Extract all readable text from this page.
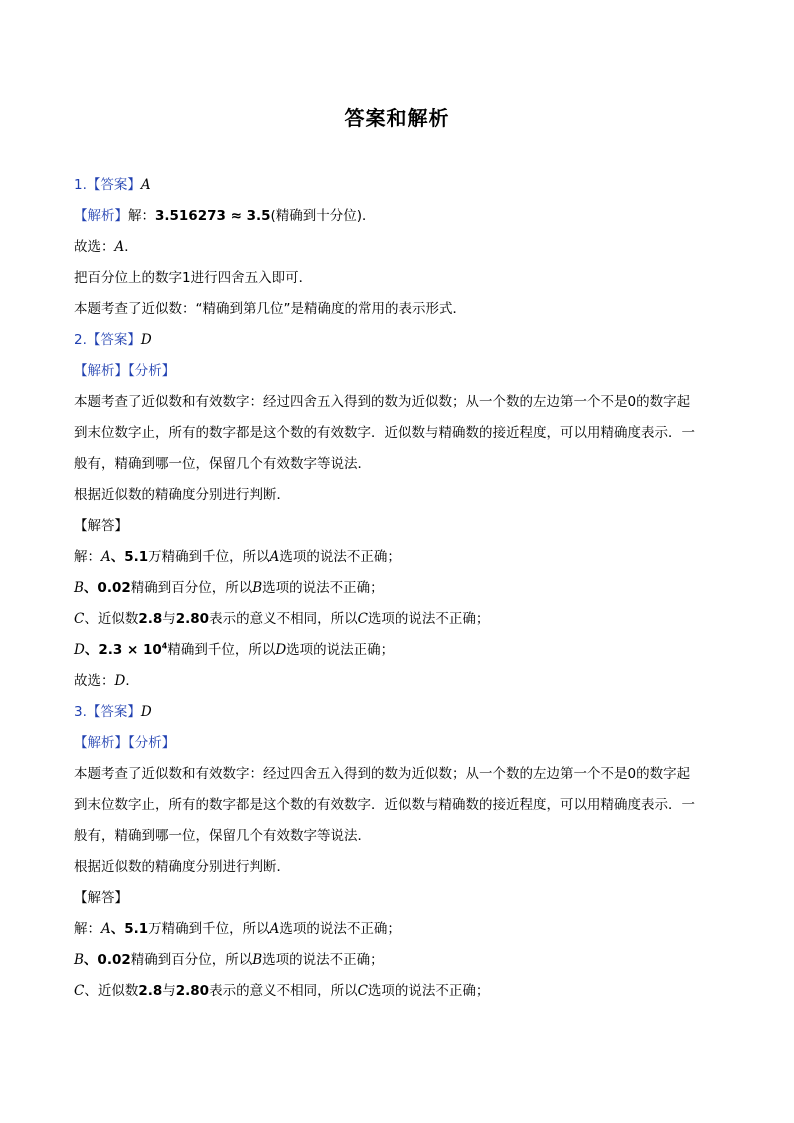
答案和解析
1.【答案】A
【解析】解：3.516273 ≈ 3.5(精确到十分位)．
故选：A．
把百分位上的数字1进行四舍五入即可．
本题考查了近似数：“精确到第几位”是精确度的常用的表示形式．
2.【答案】D
【解析】【分析】
本题考查了近似数和有效数字：经过四舍五入得到的数为近似数；从一个数的左边第一个不是0的数字起
到末位数字止，所有的数字都是这个数的有效数字．近似数与精确数的接近程度，可以用精确度表示．一
般有，精确到哪一位，保留几个有效数字等说法．
根据近似数的精确度分别进行判断．
【解答】
解：A、5.1万精确到千位，所以A选项的说法不正确；
B、0.02精确到百分位，所以B选项的说法不正确；
C、近似数2.8与2.80表示的意义不相同，所以C选项的说法不正确；
D、$2.3 \times 10^4$精确到千位，所以D选项的说法正确；
故选：D．
3.【答案】D
【解析】【分析】
本题考查了近似数和有效数字：经过四舍五入得到的数为近似数；从一个数的左边第一个不是0的数字起
到末位数字止，所有的数字都是这个数的有效数字．近似数与精确数的接近程度，可以用精确度表示．一
般有，精确到哪一位，保留几个有效数字等说法．
根据近似数的精确度分别进行判断．
【解答】
解：A、5.1万精确到千位，所以A选项的说法不正确；
B、0.02精确到百分位，所以B选项的说法不正确；
C、近似数2.8与2.80表示的意义不相同，所以C选项的说法不正确；
